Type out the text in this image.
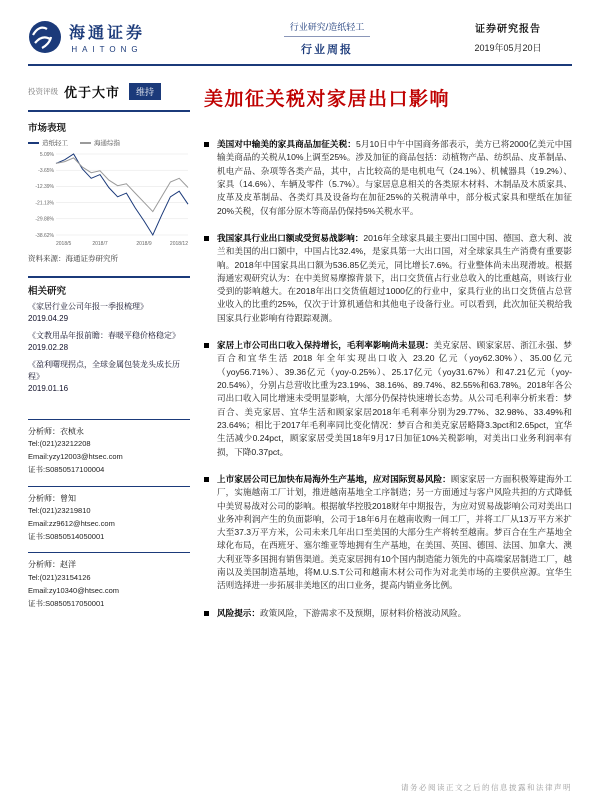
海通证券
HAITONG
行业研究/造纸轻工
行业周报
证券研究报告
2019年05月20日
投资评级 优于大市	维持	美加征关税对家居出口影响
市场表现
造纸轻工	海通综指
5.09%
-3.65%
-12.39%
-21.13%
-29.88%
-38.62%
2018/5	2018/7	2018/9	2018/12
资料来源：海通证券研究所
相关研究
《家居行业公司年报一季报梳理》
2019.04.29
《文教用品年报前瞻：春暖平稳价格稳定》
2019.02.28
《盈利曙现拐点，全球金属包装龙头成长历程》
2019.01.16
分析师：衣桢永
Tel:(021)23212208
Email:yzy12003@htsec.com
证书:S0850517100004
分析师：曾知
Tel:(021)23219810
Email:zz9612@htsec.com
证书:S0850514050001
分析师：赵洋
Tel:(021)23154126
Email:zy10340@htsec.com
证书:S0850517050001

美国对中输美的家具商品加征关税：5月10日中午中国商务部表示，美方已将2000亿美元中国输美商品的关税从10%上调至25%。涉及加征的商品包括：动植物产品、纺织品、皮革制品、机电产品、杂项等各类产品，其中，占比较高的是电机电气（24.1%）、机械器具（19.2%）、家具（14.6%）、车辆及零件（5.7%）。与家居息息相关的各类原木材料、木制品及木质家具、皮革及皮革制品、各类灯具及设备均在加征25%的关税清单中，部分板式家具和壁纸在加征20%关税，仅有部分原木等商品仍保持5%关税水平。

我国家具行业出口额或受贸易战影响：2016年全球家具最主要出口国中国、德国、意大利、波兰和美国的出口额中，中国占比32.4%，是家具第一大出口国，对全球家具生产消费有重要影响。2018年中国家具出口额为536.85亿美元，同比增长7.6%。行业整体尚未出现滑坡。根据海通宏观研究认为：在中美贸易摩擦背景下，出口交货值占行业总收入的比重越高，则该行业受到的影响越大。在2018年出口交货值超过1000亿的行业中，家具行业的出口交货值占总营业收入的比重约25%，仅次于计算机通信和其他电子设备行业。可以看到，此次加征关税给我国家具行业影响有待跟踪观测。

家居上市公司出口收入保持增长，毛利率影响尚未显现：美克家居、顾家家居、浙江永强、梦百合和宜华生活 2018 年全年实现出口收入 23.20 亿元（yoy62.30%）、35.00亿元（yoy56.71%）、39.36亿元（yoy-0.25%）、25.17亿元（yoy31.67%）和47.21亿元（yoy-20.54%），分别占总营收比重为23.19%、38.16%、89.74%、82.55%和63.78%。2018年各公司出口收入同比增速未受明显影响，大部分仍保持快速增长态势。从公司毛利率分析来看：梦百合、美克家居、宜华生活和顾家家居2018年毛利率分别为29.77%、32.98%、33.49%和23.64%；相比于2017年毛利率同比变化情况：梦百合和美克家居略降3.3pct和2.65pct，宜华生活减少0.24pct，顾家家居受美国18年9月17日加征10%关税影响，对美出口业务利润率有损，下降0.37pct。

上市家居公司已加快布局海外生产基地，应对国际贸易风险：顾家家居一方面积极筹建海外工厂，实施越南工厂计划，推进越南基地全工序制造；另一方面通过与客户风险共担的方式降低中美贸易战对公司的影响。根据敏华控股2018财年中期报告，为应对贸易战影响公司对美出口业务冲利润产生的负面影响，公司于18年6月在越南收购一间工厂，并将工厂从13万平方米扩大至37.3万平方米，公司未来几年出口至美国的大部分生产将转至越南。梦百合在生产基地全球化布局，在西班牙、塞尔维亚等地拥有生产基地，在美国、英国、德国、法国、加拿大、澳大利亚等多国拥有销售渠道。美克家居拥有10个国内制造能力领先的中高端家居制造工厂，越南以及美国制造基地，将M.U.S.T公司和越南木材公司作为对北美市场的主要供应源。宜华生活则选择进一步拓展非美地区的出口业务，提高内销业务比例。

风险提示：政策风险，下游需求不及预期，原材料价格波动风险。

请务必阅读正文之后的信息披露和法律声明
